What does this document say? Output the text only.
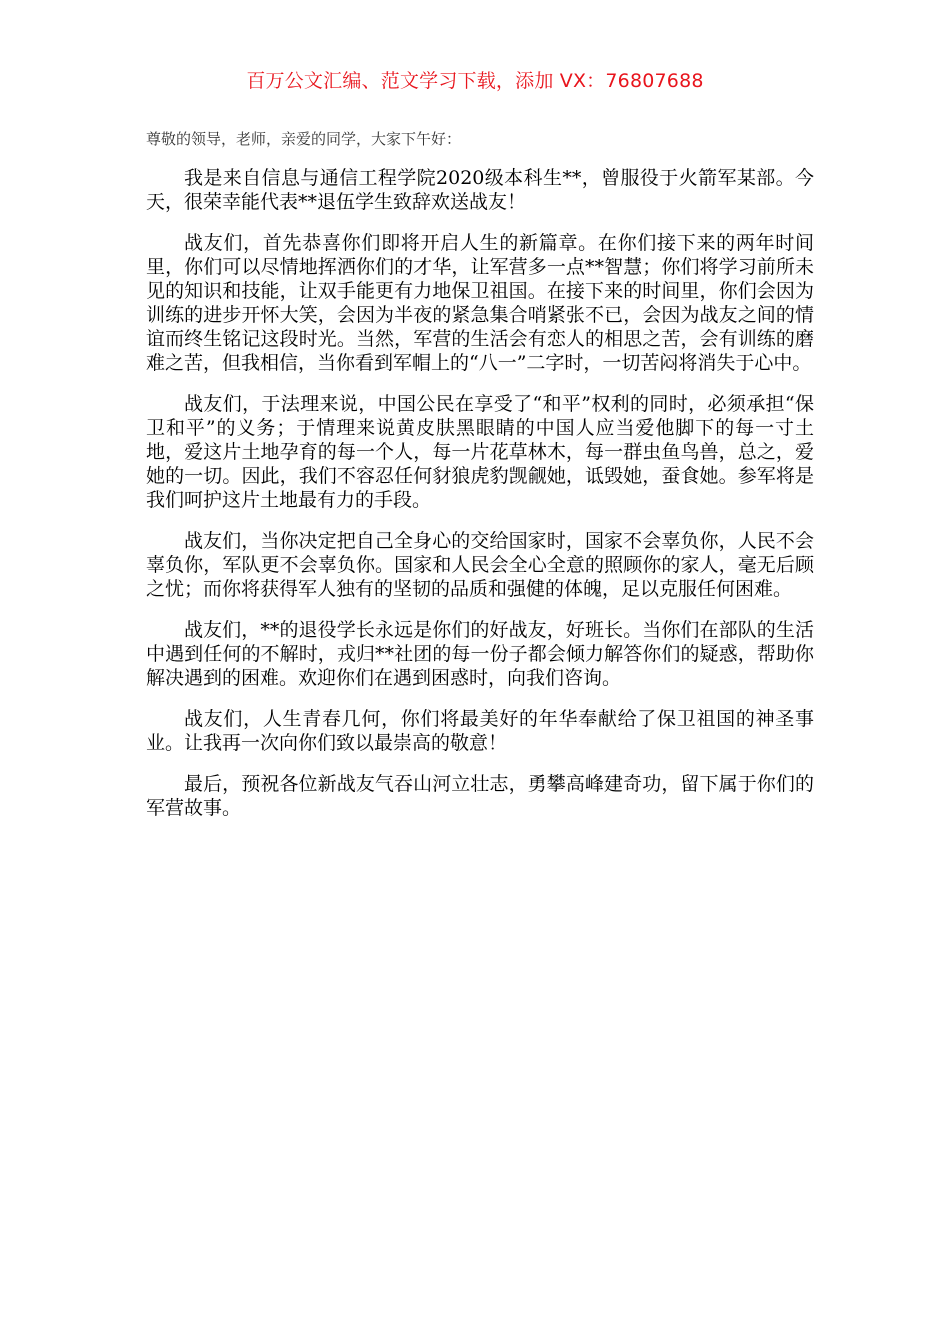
百万公文汇编、范文学习下载，添加 VX：76807688

尊敬的领导，老师，亲爱的同学，大家下午好：

我是来自信息与通信工程学院2020级本科生**，曾服役于火箭军某部。今天，很荣幸能代表**退伍学生致辞欢送战友！

战友们，首先恭喜你们即将开启人生的新篇章。在你们接下来的两年时间里，你们可以尽情地挥洒你们的才华，让军营多一点**智慧；你们将学习前所未见的知识和技能，让双手能更有力地保卫祖国。在接下来的时间里，你们会因为训练的进步开怀大笑，会因为半夜的紧急集合哨紧张不已，会因为战友之间的情谊而终生铭记这段时光。当然，军营的生活会有恋人的相思之苦，会有训练的磨难之苦，但我相信，当你看到军帽上的“八一”二字时，一切苦闷将消失于心中。

战友们，于法理来说，中国公民在享受了“和平”权利的同时，必须承担“保卫和平”的义务；于情理来说黄皮肤黑眼睛的中国人应当爱他脚下的每一寸土地，爱这片土地孕育的每一个人，每一片花草林木，每一群虫鱼鸟兽，总之，爱她的一切。因此，我们不容忍任何豺狼虎豹觊觎她，诋毁她，蚕食她。参军将是我们呵护这片土地最有力的手段。

战友们，当你决定把自己全身心的交给国家时，国家不会辜负你，人民不会辜负你，军队更不会辜负你。国家和人民会全心全意的照顾你的家人，毫无后顾之忧；而你将获得军人独有的坚韧的品质和强健的体魄，足以克服任何困难。

战友们，**的退役学长永远是你们的好战友，好班长。当你们在部队的生活中遇到任何的不解时，戎归**社团的每一份子都会倾力解答你们的疑惑，帮助你解决遇到的困难。欢迎你们在遇到困惑时，向我们咨询。

战友们，人生青春几何，你们将最美好的年华奉献给了保卫祖国的神圣事业。让我再一次向你们致以最崇高的敬意！

最后，预祝各位新战友气吞山河立壮志，勇攀高峰建奇功，留下属于你们的军营故事。
